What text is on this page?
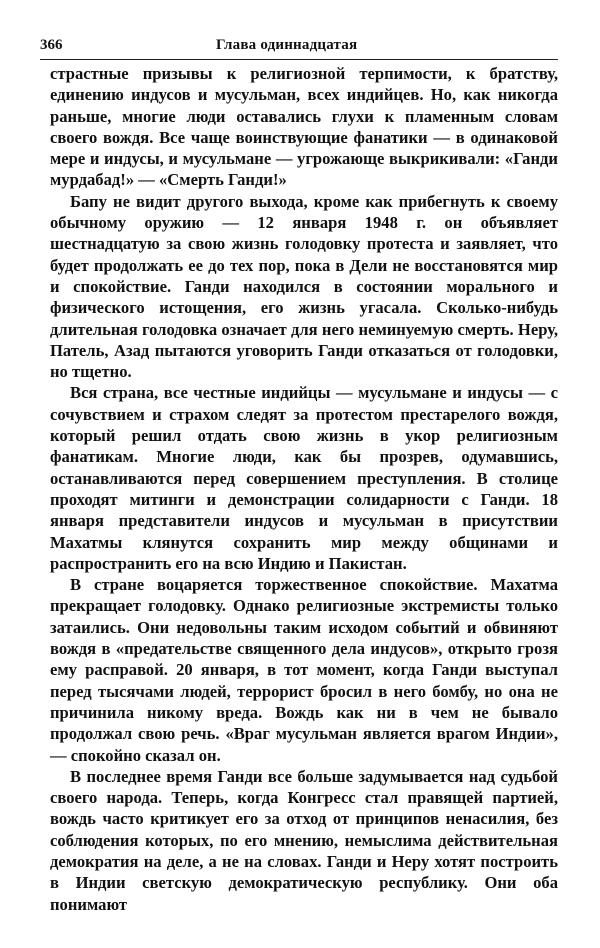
366	Глава одиннадцатая

страстные призывы к религиозной терпимости, к братству, единению индусов и мусульман, всех индийцев. Но, как никогда раньше, многие люди оставались глухи к пламенным словам своего вождя. Все чаще воинствующие фанатики — в одинаковой мере и индусы, и мусульмане — угрожающе выкрикивали: «Ганди мурдабад!» — «Смерть Ганди!»

Бапу не видит другого выхода, кроме как прибегнуть к своему обычному оружию — 12 января 1948 г. он объявляет шестнадцатую за свою жизнь голодовку протеста и заявляет, что будет продолжать ее до тех пор, пока в Дели не восстановятся мир и спокойствие. Ганди находился в состоянии морального и физического истощения, его жизнь угасала. Сколько-нибудь длительная голодовка означает для него неминуемую смерть. Неру, Патель, Азад пытаются уговорить Ганди отказаться от голодовки, но тщетно.

Вся страна, все честные индийцы — мусульмане и индусы — с сочувствием и страхом следят за протестом престарелого вождя, который решил отдать свою жизнь в укор религиозным фанатикам. Многие люди, как бы прозрев, одумавшись, останавливаются перед совершением преступления. В столице проходят митинги и демонстрации солидарности с Ганди. 18 января представители индусов и мусульман в присутствии Махатмы клянутся сохранить мир между общинами и распространить его на всю Индию и Пакистан.

В стране воцаряется торжественное спокойствие. Махатма прекращает голодовку. Однако религиозные экстремисты только затаились. Они недовольны таким исходом событий и обвиняют вождя в «предательстве священного дела индусов», открыто грозя ему расправой. 20 января, в тот момент, когда Ганди выступал перед тысячами людей, террорист бросил в него бомбу, но она не причинила никому вреда. Вождь как ни в чем не бывало продолжал свою речь. «Враг мусульман является врагом Индии», — спокойно сказал он.

В последнее время Ганди все больше задумывается над судьбой своего народа. Теперь, когда Конгресс стал правящей партией, вождь часто критикует его за отход от принципов ненасилия, без соблюдения которых, по его мнению, немыслима действительная демократия на деле, а не на словах. Ганди и Неру хотят построить в Индии светскую демократическую республику. Они оба понимают
